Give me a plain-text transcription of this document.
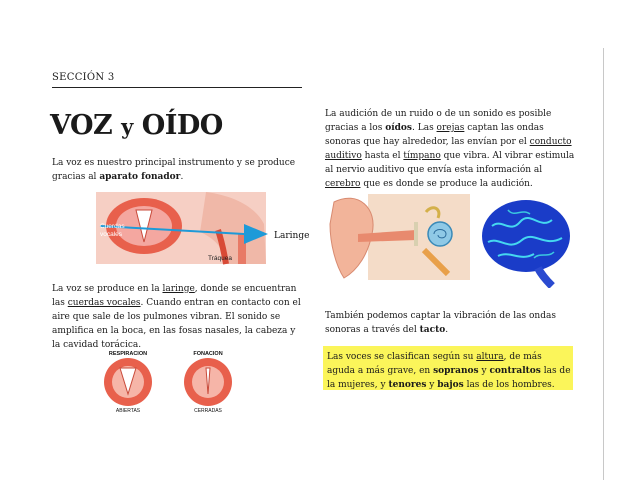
SECCIÓN 3
VOZ y OÍDO
La voz es nuestro principal instrumento y se produce gracias al aparato fonador.
Cuerdas
vocales
Tráquea
Laringe
La voz se produce en la laringe, donde se encuentran las cuerdas vocales. Cuando entran en contacto con el aire que sale de los pulmones vibran. El sonido se amplifica en la boca, en las fosas nasales, la cabeza y la cavidad torácica.
RESPIRACION	FONACION
ABIERTAS	CERRADAS
La audición de un ruido o de un sonido es posible gracias a los oídos. Las orejas captan las ondas sonoras que hay alrededor, las envían por el conducto auditivo hasta el tímpano que vibra. Al vibrar estimula al nervio auditivo que envía esta información al cerebro que es donde se produce la audición.
También podemos captar la vibración de las ondas sonoras a través del tacto.
Las voces se clasifican según su altura, de más aguda a más grave, en sopranos y contraltos las de la mujeres, y tenores y bajos las de los hombres.
